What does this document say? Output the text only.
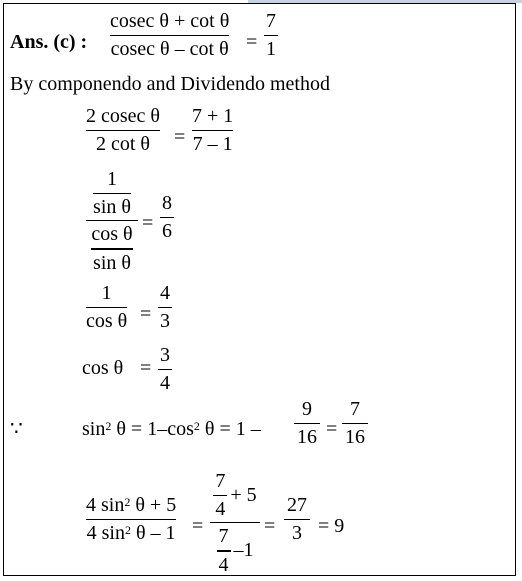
Ans. (c) :
cosec θ + cot θ
cosec θ – cot θ =
7
1
By componendo and Dividendo method
2 cosec θ
2 cot θ =
7 + 1
7 – 1
1
sin θ
cos θ
sin θ
=
8
6
1
cos θ =
4
3
cos θ =
3
4
∵	$\sin^2 \theta = 1-\cos^2$ θ = 1 –
9
16 =
7
16
4 $\sin^2 \theta + 5$
4 $\sin^2 \theta - 1$ =
7
4
+ 5
7
4
–1
=
27
3 = 9
